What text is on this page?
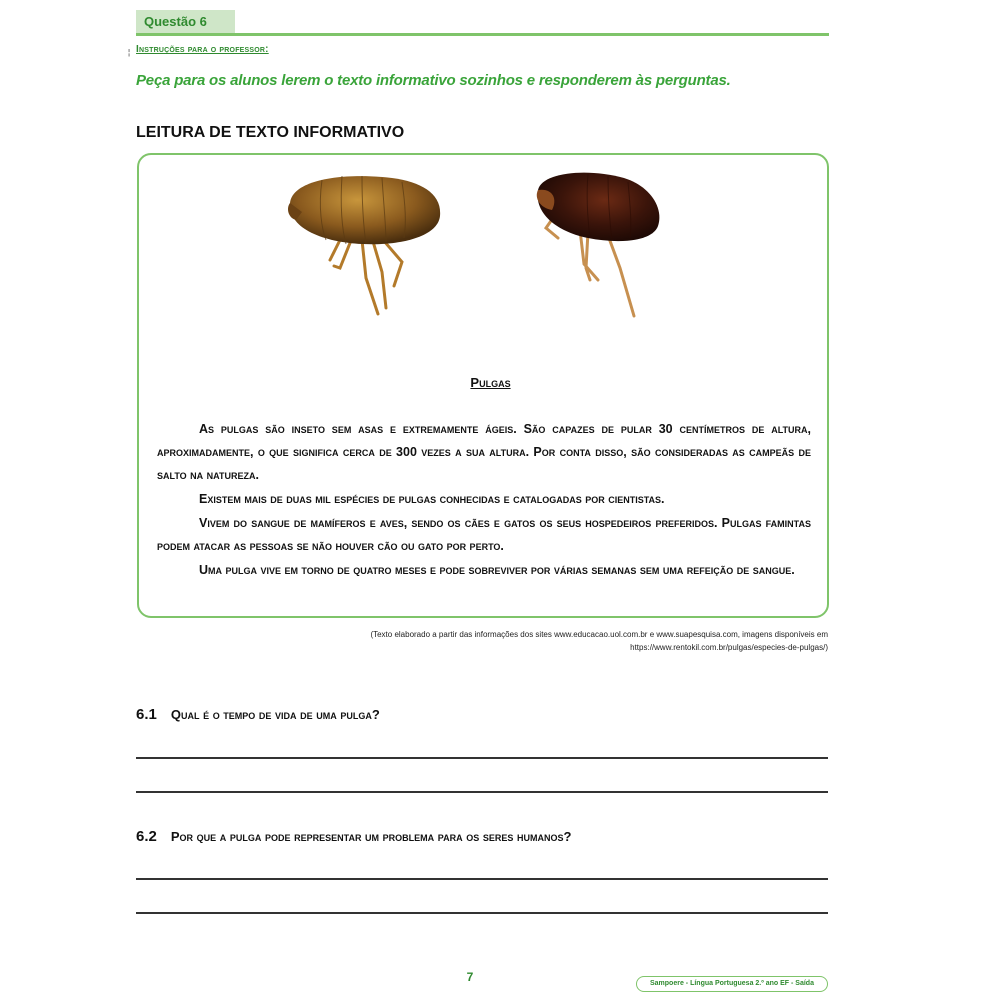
Questão 6
¦ Instruções para o professor:
Peça para os alunos lerem o texto informativo sozinhos e responderem às perguntas.
LEITURA DE TEXTO INFORMATIVO
Pulgas

As pulgas são inseto sem asas e extremamente ágeis. São capazes de pular 30 centímetros de altura, aproximadamente, o que significa cerca de 300 vezes a sua altura. Por conta disso, são consideradas as campeãs de salto na natureza.

Existem mais de duas mil espécies de pulgas conhecidas e catalogadas por cientistas.

Vivem do sangue de mamíferos e aves, sendo os cães e gatos os seus hospedeiros preferidos. Pulgas famintas podem atacar as pessoas se não houver cão ou gato por perto.

Uma pulga vive em torno de quatro meses e pode sobreviver por várias semanas sem uma refeição de sangue.

(Texto elaborado a partir das informações dos sites www.educacao.uol.com.br e www.suapesquisa.com, imagens disponíveis em
https://www.rentokil.com.br/pulgas/especies-de-pulgas/)
6.1 Qual é o tempo de vida de uma pulga?
6.2 Por que a pulga pode representar um problema para os seres humanos?
7	Sampoere - Língua Portuguesa 2.º ano EF - Saída
